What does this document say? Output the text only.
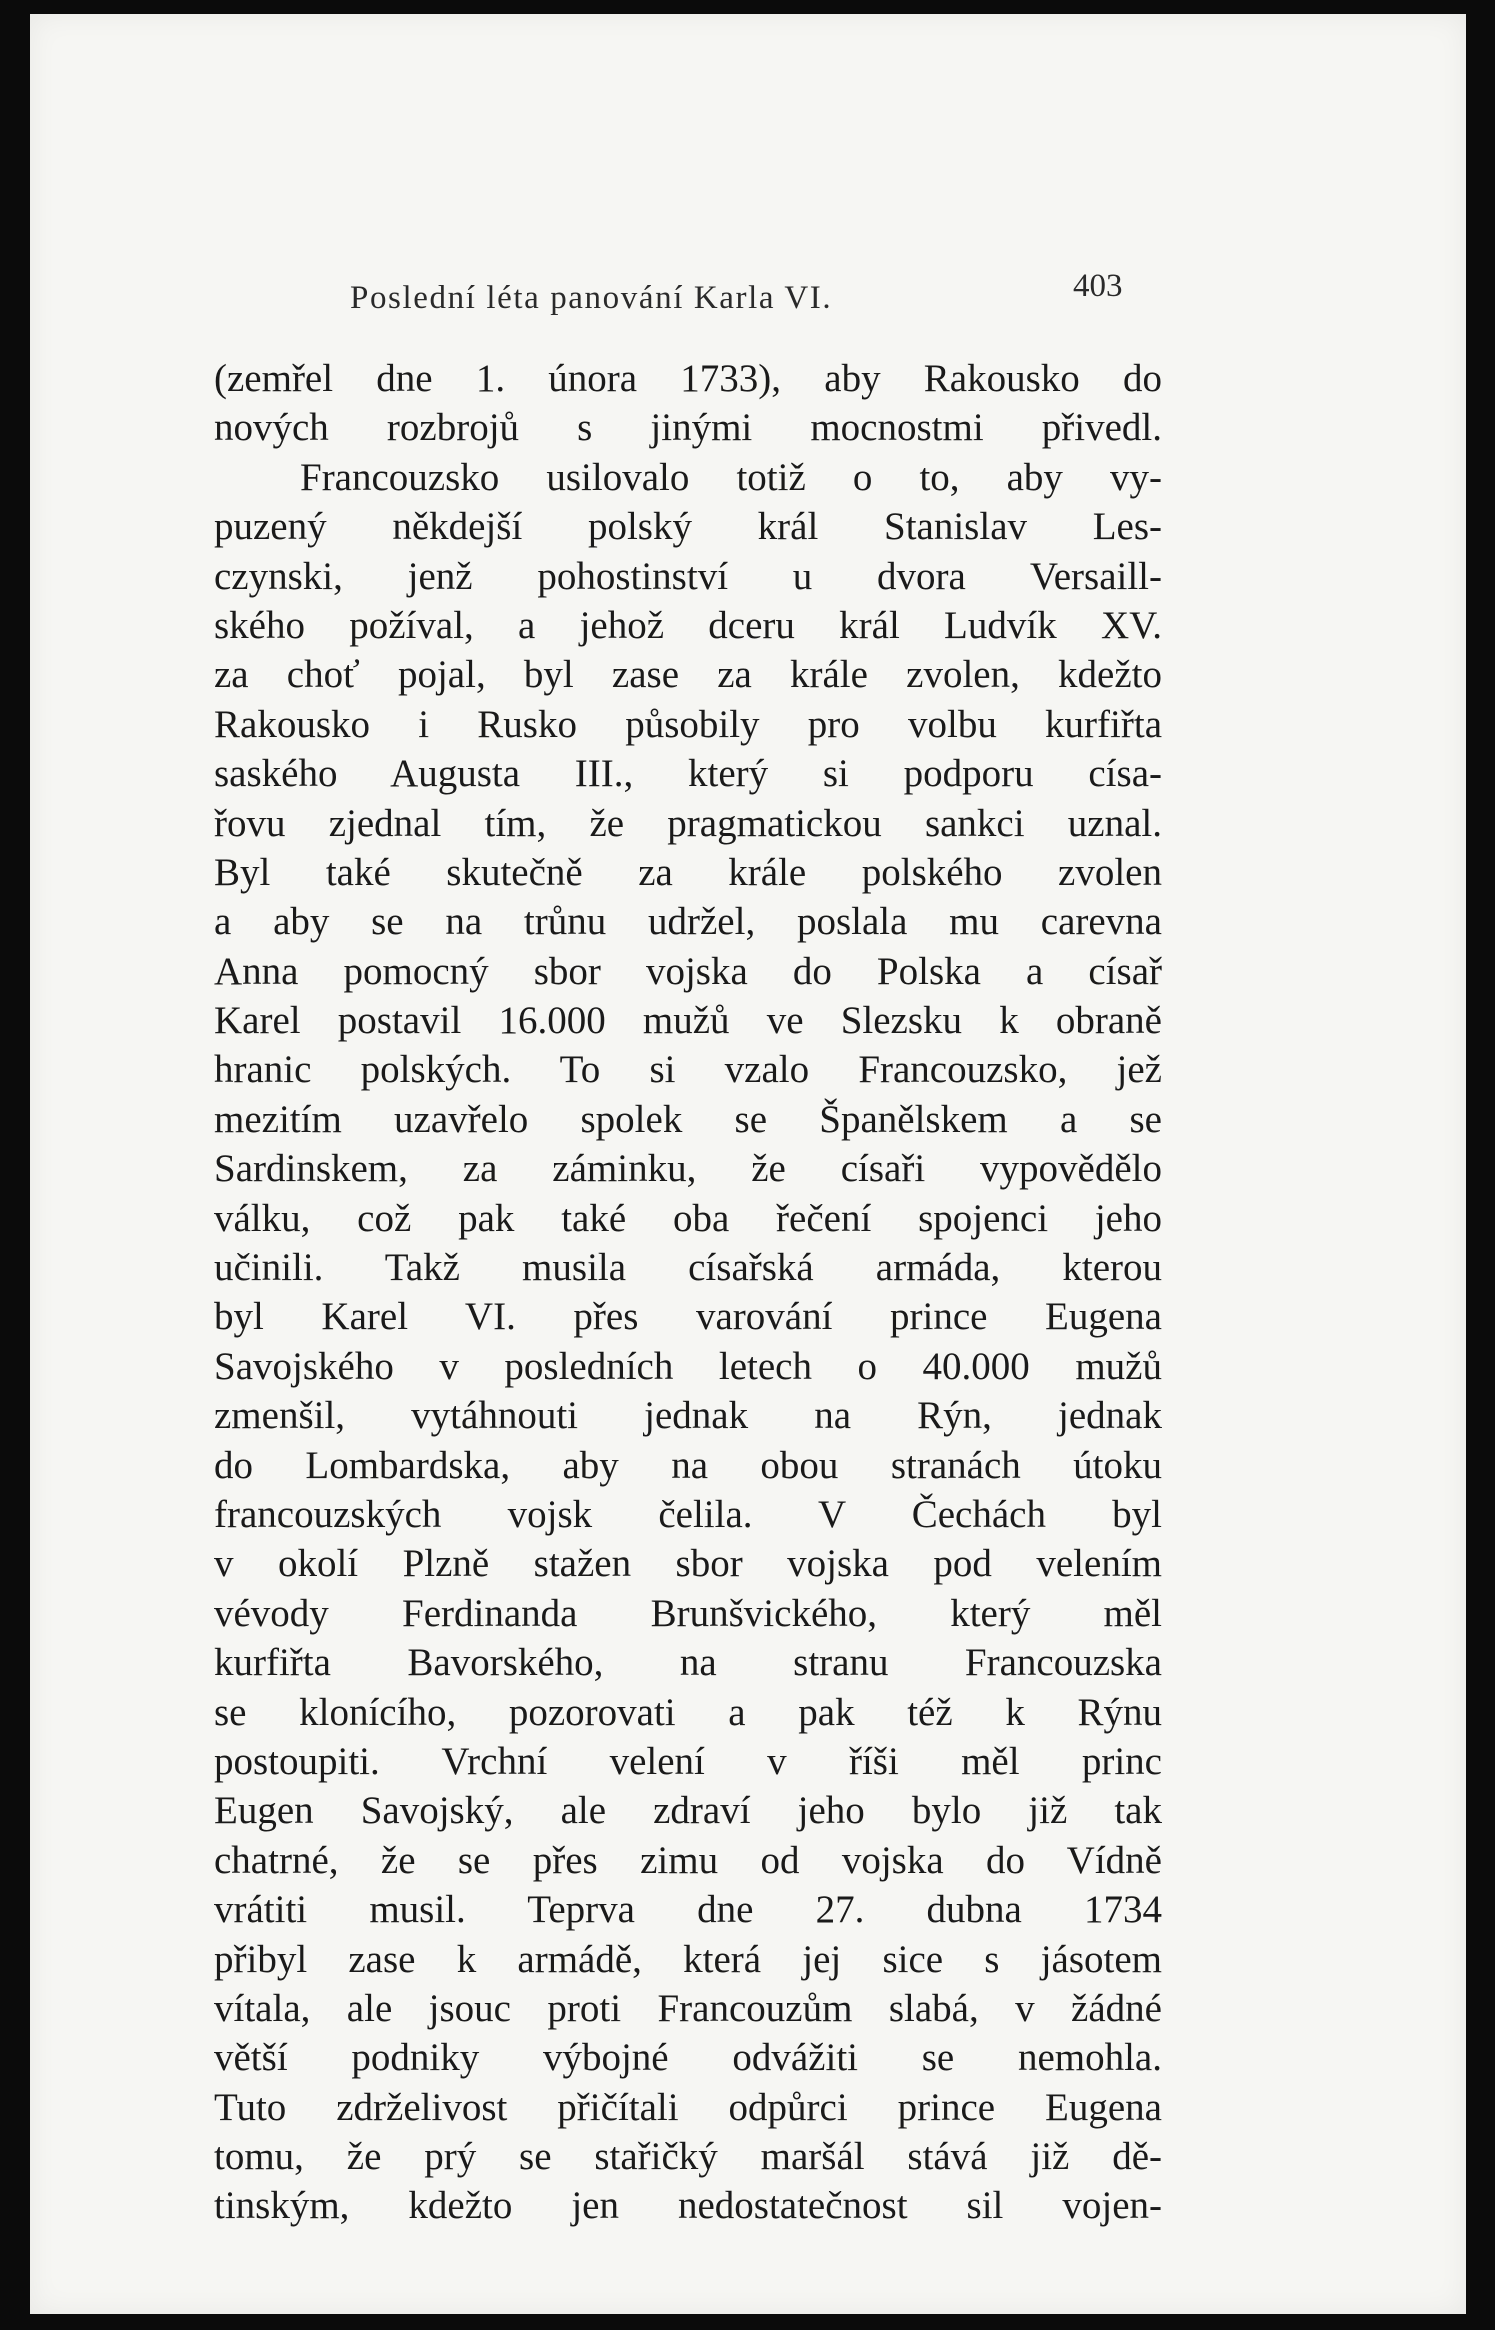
Poslední léta panování Karla VI.	403
(zemřel dne 1. února 1733), aby Rakousko do
nových rozbrojů s jinými mocnostmi přivedl.
Francouzsko usilovalo totiž o to, aby vy-
puzený někdejší polský král Stanislav Les-
czynski, jenž pohostinství u dvora Versaill-
ského požíval, a jehož dceru král Ludvík XV.
za choť pojal, byl zase za krále zvolen, kdežto
Rakousko i Rusko působily pro volbu kurfiřta
saského Augusta III., který si podporu císa-
řovu zjednal tím, že pragmatickou sankci uznal.
Byl také skutečně za krále polského zvolen
a aby se na trůnu udržel, poslala mu carevna
Anna pomocný sbor vojska do Polska a císař
Karel postavil 16.000 mužů ve Slezsku k obraně
hranic polských. To si vzalo Francouzsko, jež
mezitím uzavřelo spolek se Španělskem a se
Sardinskem, za záminku, že císaři vypovědělo
válku, což pak také oba řečení spojenci jeho
učinili. Takž musila císařská armáda, kterou
byl Karel VI. přes varování prince Eugena
Savojského v posledních letech o 40.000 mužů
zmenšil, vytáhnouti jednak na Rýn, jednak
do Lombardska, aby na obou stranách útoku
francouzských vojsk čelila. V Čechách byl
v okolí Plzně stažen sbor vojska pod velením
vévody Ferdinanda Brunšvického, který měl
kurfiřta Bavorského, na stranu Francouzska
se klonícího, pozorovati a pak též k Rýnu
postoupiti. Vrchní velení v říši měl princ
Eugen Savojský, ale zdraví jeho bylo již tak
chatrné, že se přes zimu od vojska do Vídně
vrátiti musil. Teprva dne 27. dubna 1734
přibyl zase k armádě, která jej sice s jásotem
vítala, ale jsouc proti Francouzům slabá, v žádné
větší podniky výbojné odvážiti se nemohla.
Tuto zdrželivost přičítali odpůrci prince Eugena
tomu, že prý se stařičký maršál stává již dě-
tinským, kdežto jen nedostatečnost sil vojen-
